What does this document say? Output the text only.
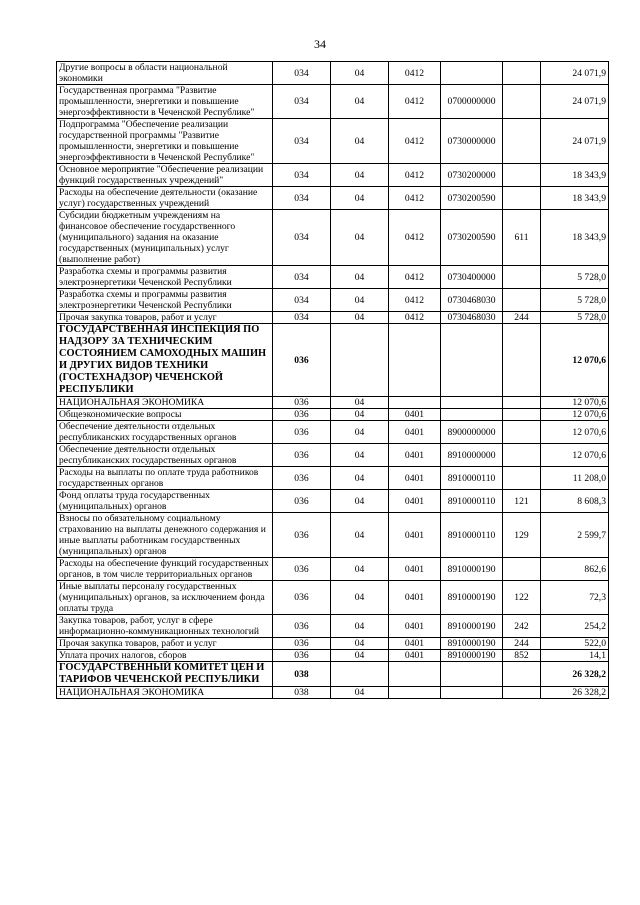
34
Другие вопросы в области национальной экономики	034	04	0412			24 071,9
Государственная программа "Развитие промышленности, энергетики и повышение энергоэффективности в Чеченской Республике"	034	04	0412	0700000000		24 071,9
Подпрограмма "Обеспечение реализации государственной программы "Развитие промышленности, энергетики и повышение энергоэффективности в Чеченской Республике"	034	04	0412	0730000000		24 071,9
Основное мероприятие "Обеспечение реализации функций государственных учреждений"	034	04	0412	0730200000		18 343,9
Расходы на обеспечение деятельности (оказание услуг) государственных учреждений	034	04	0412	0730200590		18 343,9
Субсидии бюджетным учреждениям на финансовое обеспечение государственного (муниципального) задания на оказание государственных (муниципальных) услуг (выполнение работ)	034	04	0412	0730200590	611	18 343,9
Разработка схемы и программы развития электроэнергетики Чеченской Республики	034	04	0412	0730400000		5 728,0
Разработка схемы и программы развития электроэнергетики Чеченской Республики	034	04	0412	0730468030		5 728,0
Прочая закупка товаров, работ и услуг	034	04	0412	0730468030	244	5 728,0
ГОСУДАРСТВЕННАЯ ИНСПЕКЦИЯ ПО НАДЗОРУ ЗА ТЕХНИЧЕСКИМ СОСТОЯНИЕМ САМОХОДНЫХ МАШИН И ДРУГИХ ВИДОВ ТЕХНИКИ (ГОСТЕХНАДЗОР) ЧЕЧЕНСКОЙ РЕСПУБЛИКИ	036					12 070,6
НАЦИОНАЛЬНАЯ ЭКОНОМИКА	036	04				12 070,6
Общеэкономические вопросы	036	04	0401			12 070,6
Обеспечение деятельности отдельных республиканских государственных органов	036	04	0401	8900000000		12 070,6
Обеспечение деятельности отдельных республиканских государственных органов	036	04	0401	8910000000		12 070,6
Расходы на выплаты по оплате труда работников государственных органов	036	04	0401	8910000110		11 208,0
Фонд оплаты труда государственных (муниципальных) органов	036	04	0401	8910000110	121	8 608,3
Взносы по обязательному социальному страхованию на выплаты денежного содержания и иные выплаты работникам государственных (муниципальных) органов	036	04	0401	8910000110	129	2 599,7
Расходы на обеспечение функций государственных органов, в том числе территориальных органов	036	04	0401	8910000190		862,6
Иные выплаты персоналу государственных (муниципальных) органов, за исключением фонда оплаты труда	036	04	0401	8910000190	122	72,3
Закупка товаров, работ, услуг в сфере информационно-коммуникационных технологий	036	04	0401	8910000190	242	254,2
Прочая закупка товаров, работ и услуг	036	04	0401	8910000190	244	522,0
Уплата прочих налогов, сборов	036	04	0401	8910000190	852	14,1
ГОСУДАРСТВЕННЫЙ КОМИТЕТ ЦЕН И ТАРИФОВ ЧЕЧЕНСКОЙ РЕСПУБЛИКИ	038					26 328,2
НАЦИОНАЛЬНАЯ ЭКОНОМИКА	038	04				26 328,2
